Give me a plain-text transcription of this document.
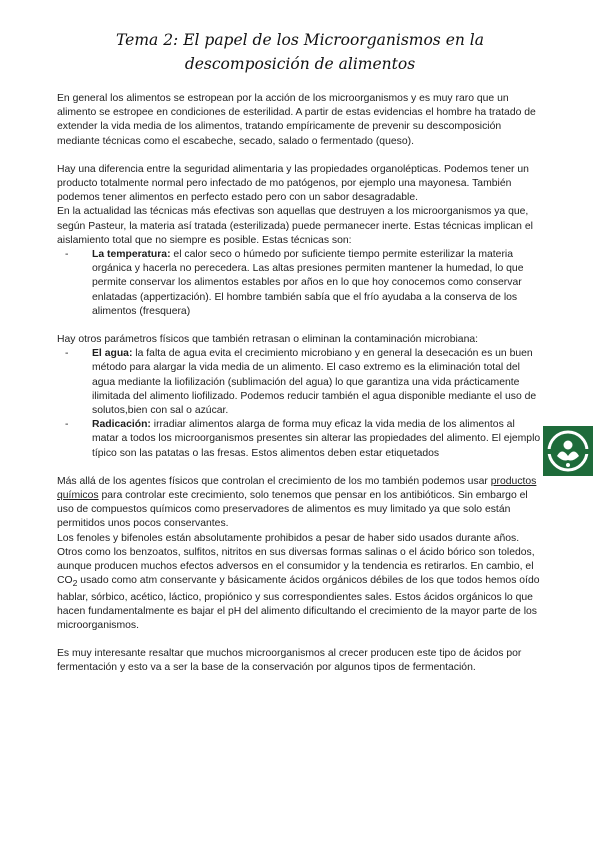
Tema 2: El papel de los Microorganismos en la descomposición de alimentos

En general los alimentos se estropean por la acción de los microorganismos y es muy raro que un alimento se estropee en condiciones de esterilidad. A partir de estas evidencias el hombre ha tratado de extender la vida media de los alimentos, tratando empíricamente de prevenir su descomposición mediante técnicas como el escabeche, secado, salado o fermentado (queso).

Hay una diferencia entre la seguridad alimentaria y las propiedades organolépticas. Podemos tener un producto totalmente normal pero infectado de mo patógenos, por ejemplo una mayonesa. También podemos tener alimentos en perfecto estado pero con un sabor desagradable.

En la actualidad las técnicas más efectivas son aquellas que destruyen a los microorganismos ya que, según Pasteur, la materia así tratada (esterilizada) puede permanecer inerte. Estas técnicas implican el aislamiento total que no siempre es posible. Estas técnicas son:

- La temperatura: el calor seco o húmedo por suficiente tiempo permite esterilizar la materia orgánica y hacerla no perecedera. Las altas presiones permiten mantener la humedad, lo que permite conservar los alimentos estables por años en lo que hoy conocemos como conservar enlatadas (appertización). El hombre también sabía que el frío ayudaba a la conserva de los alimentos (fresquera)

Hay otros parámetros físicos que también retrasan o eliminan la contaminación microbiana:

- El agua: la falta de agua evita el crecimiento microbiano y en general la desecación es un buen método para alargar la vida media de un alimento. El caso extremo es la eliminación total del agua mediante la liofilización (sublimación del agua) lo que garantiza una vida prácticamente ilimitada del alimento liofilizado. Podemos reducir también el agua disponible mediante el uso de solutos,bien con sal o azúcar.
- Radicación: irradiar alimentos alarga de forma muy eficaz la vida media de los alimentos al matar a todos los microorganismos presentes sin alterar las propiedades del alimento. El ejemplo típico son las patatas o las fresas. Estos alimentos deben estar etiquetados

Más allá de los agentes físicos que controlan el crecimiento de los mo también podemos usar productos químicos para controlar este crecimiento, solo tenemos que pensar en los antibióticos. Sin embargo el uso de compuestos químicos como preservadores de alimentos es muy limitado ya que solo están permitidos unos pocos conservantes.

Los fenoles y bifenoles están absolutamente prohibidos a pesar de haber sido usados durante años. Otros como los benzoatos, sulfitos, nitritos en sus diversas formas salinas o el ácido bórico son toledos, aunque producen muchos efectos adversos en el consumidor y la tendencia es retirarlos. En cambio, el $CO_2$ usado como atm conservante y básicamente ácidos orgánicos débiles de los que todos hemos oído hablar, sórbico, acético, láctico, propiónico y sus correspondientes sales. Estos ácidos orgánicos lo que hacen fundamentalmente es bajar el pH del alimento dificultando el crecimiento de la mayor parte de los microorganismos.

Es muy interesante resaltar que muchos microorganismos al crecer producen este tipo de ácidos por fermentación y esto va a ser la base de la conservación por algunos tipos de fermentación.
